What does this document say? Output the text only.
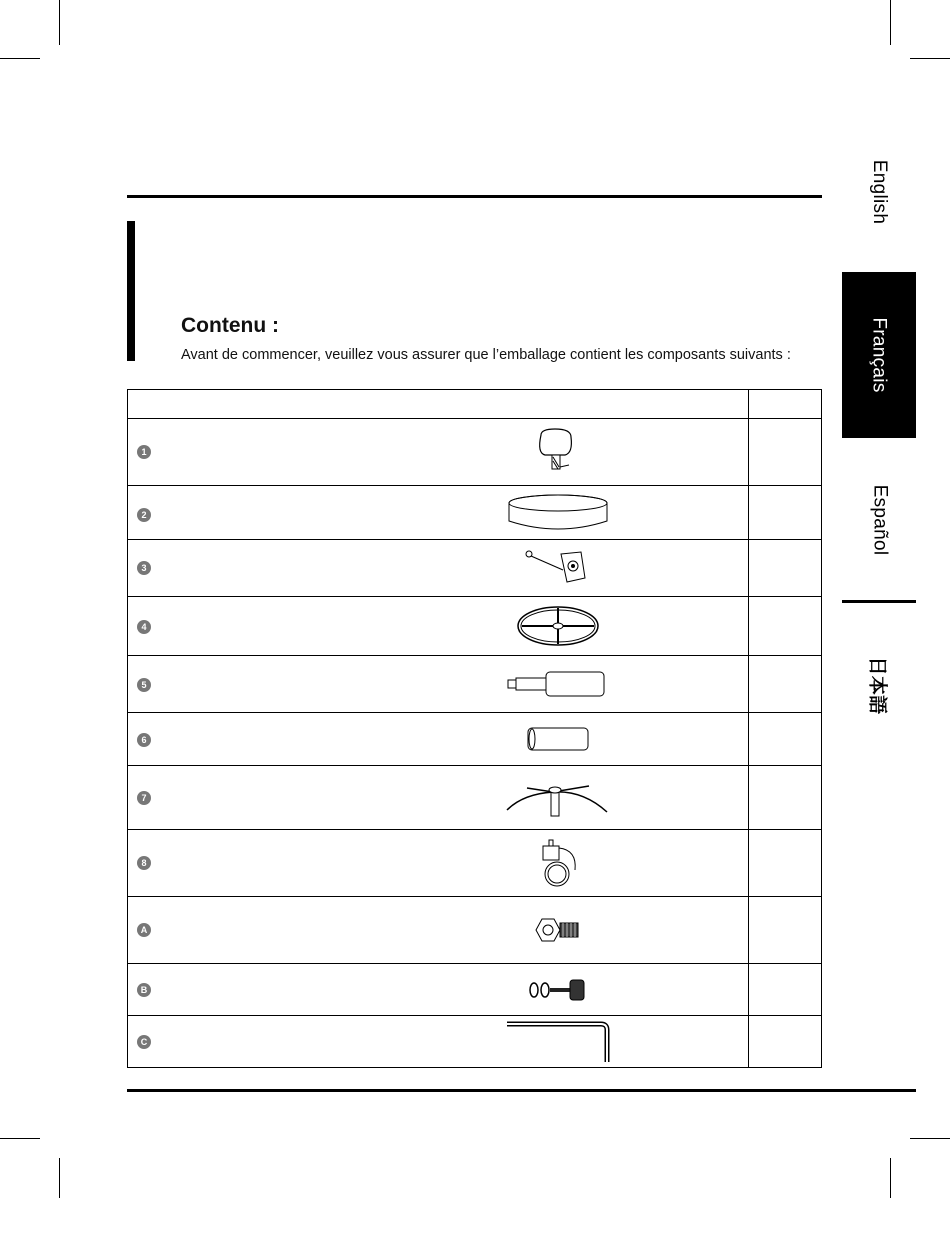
English
Français
Español
日本語
Contenu :
Avant de commencer, veuillez vous assurer que l’emballage contient les composants suivants :

1	

2	

3	

4	

5	

6	

7	

8	

A	

B	

C	
